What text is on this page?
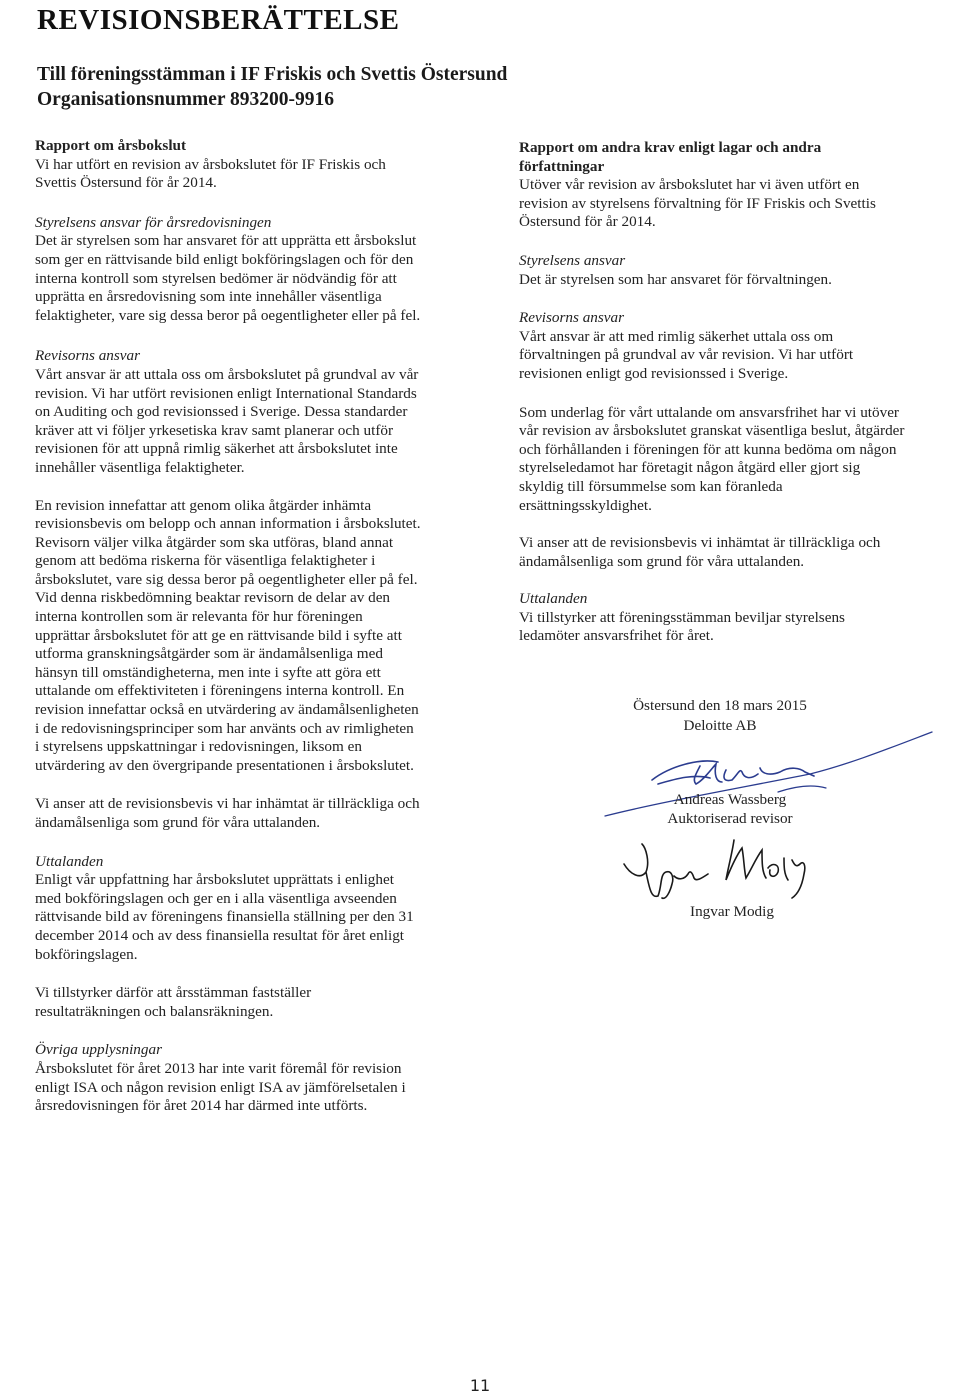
REVISIONSBERÄTTELSE

Till föreningsstämman i IF Friskis och Svettis Östersund

Organisationsnummer 893200-9916

Rapport om årsbokslut

Vi har utfört en revision av årsbokslutet för IF Friskis och
Svettis Östersund för år 2014.

Styrelsens ansvar för årsredovisningen

Det är styrelsen som har ansvaret för att upprätta ett årsbokslut
som ger en rättvisande bild enligt bokföringslagen och för den
interna kontroll som styrelsen bedömer är nödvändig för att
upprätta en årsredovisning som inte innehåller väsentliga
felaktigheter, vare sig dessa beror på oegentligheter eller på fel.

Revisorns ansvar

Vårt ansvar är att uttala oss om årsbokslutet på grundval av vår
revision. Vi har utfört revisionen enligt International Standards
on Auditing och god revisionssed i Sverige. Dessa standarder
kräver att vi följer yrkesetiska krav samt planerar och utför
revisionen för att uppnå rimlig säkerhet att årsbokslutet inte
innehåller väsentliga felaktigheter.

En revision innefattar att genom olika åtgärder inhämta
revisionsbevis om belopp och annan information i årsbokslutet.
Revisorn väljer vilka åtgärder som ska utföras, bland annat
genom att bedöma riskerna för väsentliga felaktigheter i
årsbokslutet, vare sig dessa beror på oegentligheter eller på fel.
Vid denna riskbedömning beaktar revisorn de delar av den
interna kontrollen som är relevanta för hur föreningen
upprättar årsbokslutet för att ge en rättvisande bild i syfte att
utforma granskningsåtgärder som är ändamålsenliga med
hänsyn till omständigheterna, men inte i syfte att göra ett
uttalande om effektiviteten i föreningens interna kontroll. En
revision innefattar också en utvärdering av ändamålsenligheten
i de redovisningsprinciper som har använts och av rimligheten
i styrelsens uppskattningar i redovisningen, liksom en
utvärdering av den övergripande presentationen i årsbokslutet.

Vi anser att de revisionsbevis vi har inhämtat är tillräckliga och
ändamålsenliga som grund för våra uttalanden.

Uttalanden

Enligt vår uppfattning har årsbokslutet upprättats i enlighet
med bokföringslagen och ger en i alla väsentliga avseenden
rättvisande bild av föreningens finansiella ställning per den 31
december 2014 och av dess finansiella resultat för året enligt
bokföringslagen.

Vi tillstyrker därför att årsstämman fastställer
resultaträkningen och balansräkningen.

Övriga upplysningar

Årsbokslutet för året 2013 har inte varit föremål för revision
enligt ISA och någon revision enligt ISA av jämförelsetalen i
årsredovisningen för året 2014 har därmed inte utförts.

Rapport om andra krav enligt lagar och andra
författningar

Utöver vår revision av årsbokslutet har vi även utfört en
revision av styrelsens förvaltning för IF Friskis och Svettis
Östersund för år 2014.

Styrelsens ansvar

Det är styrelsen som har ansvaret för förvaltningen.

Revisorns ansvar

Vårt ansvar är att med rimlig säkerhet uttala oss om
förvaltningen på grundval av vår revision. Vi har utfört
revisionen enligt god revisionssed i Sverige.

Som underlag för vårt uttalande om ansvarsfrihet har vi utöver
vår revision av årsbokslutet granskat väsentliga beslut, åtgärder
och förhållanden i föreningen för att kunna bedöma om någon
styrelseledamot har företagit någon åtgärd eller gjort sig
skyldig till försummelse som kan föranleda
ersättningsskyldighet.

Vi anser att de revisionsbevis vi inhämtat är tillräckliga och
ändamålsenliga som grund för våra uttalanden.

Uttalanden

Vi tillstyrker att föreningsstämman beviljar styrelsens
ledamöter ansvarsfrihet för året.

Östersund den 18 mars 2015
Deloitte AB
Andreas Wassberg
Auktoriserad revisor
Ingvar Modig
11
